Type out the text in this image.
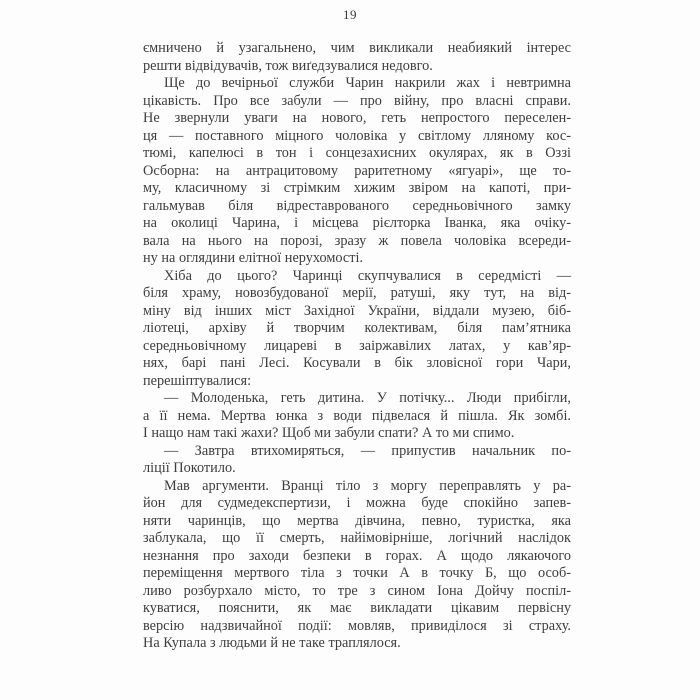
19
ємничено й узагальнено, чим викликали неабиякий інтерес
решти відвідувачів, тож виґедзувалися недовго.
Ще до вечірньої служби Чарин накрили жах і невтримна
цікавість. Про все забули — про війну, про власні справи.
Не звернули уваги на нового, геть непростого переселен-
ця — поставного міцного чоловіка у світлому лляному кос-
тюмі, капелюсі в тон і сонцезахисних окулярах, як в Оззі
Осборна: на антрацитовому раритетному «ягуарі», ще то-
му, класичному зі стрімким хижим звіром на капоті, при-
гальмував біля відреставрованого середньовічного замку
на околиці Чарина, і місцева рієлторка Іванка, яка очіку-
вала на нього на порозі, зразу ж повела чоловіка всереди-
ну на оглядини елітної нерухомості.
Хіба до цього? Чаринці скупчувалися в середмісті —
біля храму, новозбудованої мерії, ратуші, яку тут, на від-
міну від інших міст Західної України, віддали музею, біб-
ліотеці, архіву й творчим колективам, біля пам’ятника
середньовічному лицареві в заіржавілих латах, у кав’яр-
нях, барі пані Лесі. Косували в бік зловісної гори Чари,
перешіптувалися:
— Молоденька, геть дитина. У потічку... Люди прибігли,
а її нема. Мертва юнка з води підвелася й пішла. Як зомбі.
І нащо нам такі жахи? Щоб ми забули спати? А то ми спимо.
— Завтра втихомиряться, — припустив начальник по-
ліції Покотило.
Мав аргументи. Вранці тіло з моргу переправлять у ра-
йон для судмедекспертизи, і можна буде спокійно запев-
няти чаринців, що мертва дівчина, певно, туристка, яка
заблукала, що її смерть, найімовірніше, логічний наслідок
незнання про заходи безпеки в горах. А щодо лякаючого
переміщення мертвого тіла з точки А в точку Б, що особ-
ливо розбурхало місто, то тре з сином Іона Дойчу поспіл-
куватися, пояснити, як має викладати цікавим первісну
версію надзвичайної події: мовляв, привиділося зі страху.
На Купала з людьми й не таке траплялося.
